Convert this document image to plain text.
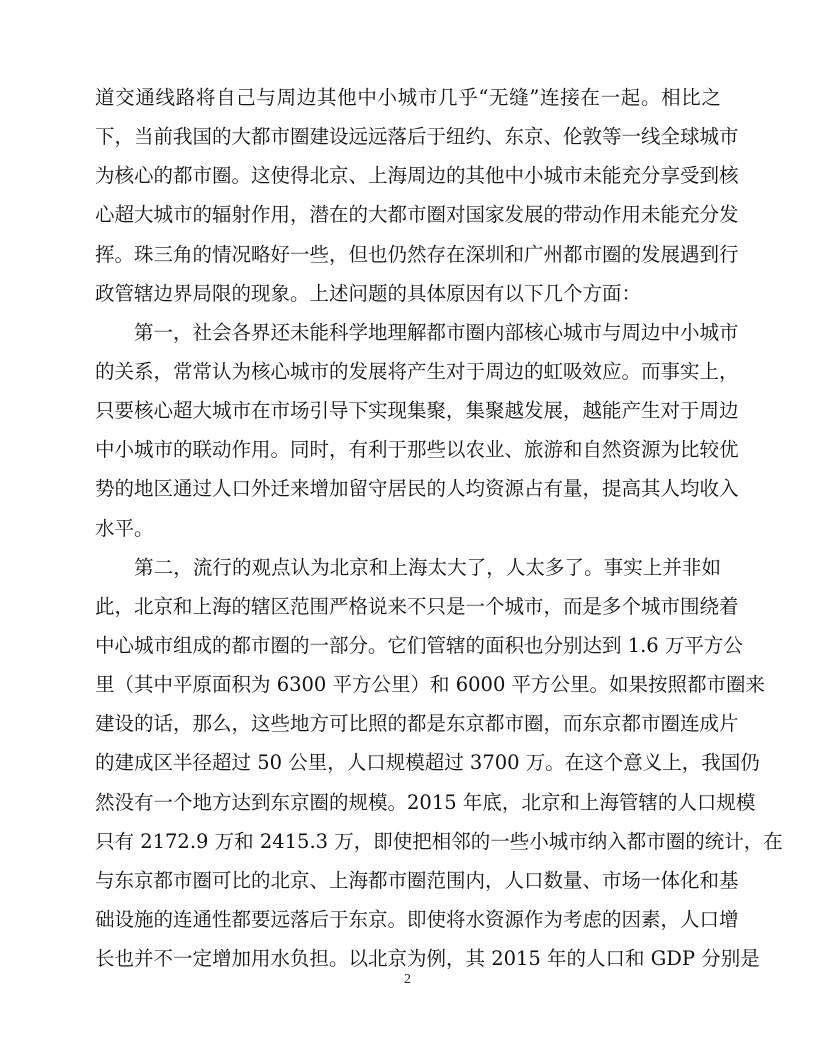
道交通线路将自己与周边其他中小城市几乎“无缝”连接在一起。相比之
下，当前我国的大都市圈建设远远落后于纽约、东京、伦敦等一线全球城市
为核心的都市圈。这使得北京、上海周边的其他中小城市未能充分享受到核
心超大城市的辐射作用，潜在的大都市圈对国家发展的带动作用未能充分发
挥。珠三角的情况略好一些，但也仍然存在深圳和广州都市圈的发展遇到行
政管辖边界局限的现象。上述问题的具体原因有以下几个方面：
　　第一，社会各界还未能科学地理解都市圈内部核心城市与周边中小城市
的关系，常常认为核心城市的发展将产生对于周边的虹吸效应。而事实上，
只要核心超大城市在市场引导下实现集聚，集聚越发展，越能产生对于周边
中小城市的联动作用。同时，有利于那些以农业、旅游和自然资源为比较优
势的地区通过人口外迁来增加留守居民的人均资源占有量，提高其人均收入
水平。
　　第二，流行的观点认为北京和上海太大了，人太多了。事实上并非如
此，北京和上海的辖区范围严格说来不只是一个城市，而是多个城市围绕着
中心城市组成的都市圈的一部分。它们管辖的面积也分别达到 1.6 万平方公
里（其中平原面积为 6300 平方公里）和 6000 平方公里。如果按照都市圈来
建设的话，那么，这些地方可比照的都是东京都市圈，而东京都市圈连成片
的建成区半径超过 50 公里，人口规模超过 3700 万。在这个意义上，我国仍
然没有一个地方达到东京圈的规模。2015 年底，北京和上海管辖的人口规模
只有 2172.9 万和 2415.3 万，即使把相邻的一些小城市纳入都市圈的统计，在
与东京都市圈可比的北京、上海都市圈范围内，人口数量、市场一体化和基
础设施的连通性都要远落后于东京。即使将水资源作为考虑的因素，人口增
长也并不一定增加用水负担。以北京为例，其 2015 年的人口和 GDP 分别是
2
